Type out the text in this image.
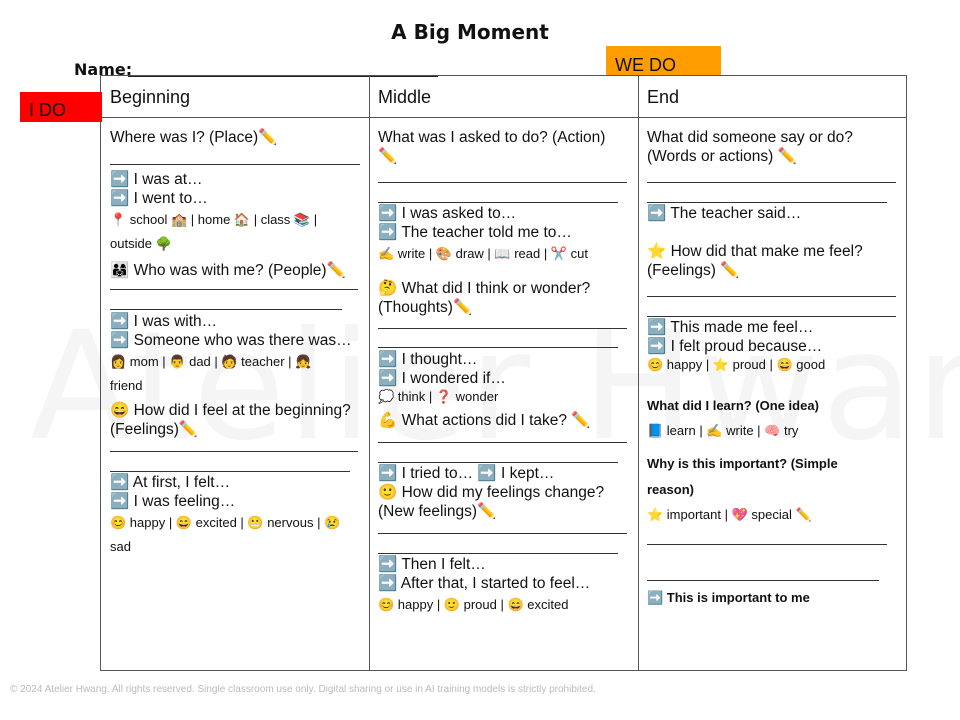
A Big Moment
Name:	WE DO
Beginning

Where was I? (Place)✏️

➡️ I was at…

➡️ I went to…

📍 school 🏫 | home 🏠 | class 📚 |
outside 🌳

👨‍👩‍👧 Who was with me? (People)✏️

➡️ I was with…

➡️ Someone who was there was…

👩 mom | 👨 dad | 🧑 teacher | 👧
friend

😄 How did I feel at the beginning? (Feelings)✏️

➡️ At first, I felt…

➡️ I was feeling…

😊 happy | 😄 excited | 😬 nervous | 😢
sad
Middle

What was I asked to do? (Action) ✏️

➡️ I was asked to…

➡️ The teacher told me to…

✍️ write | 🎨 draw | 📖 read | ✂️ cut

🤔 What did I think or wonder? (Thoughts)✏️

➡️ I thought…

➡️ I wondered if…

💭 think | ❓ wonder

💪 What actions did I take? ✏️

➡️ I tried to… ➡️ I kept…

🙂 How did my feelings change? (New feelings)✏️

➡️ Then I felt…

➡️ After that, I started to feel…

😊 happy | 🙂 proud | 😄 excited
End

What did someone say or do? (Words or actions) ✏️

➡️ The teacher said…

⭐ How did that make me feel? (Feelings) ✏️

➡️ This made me feel…

➡️ I felt proud because…

😊 happy | ⭐ proud | 😄 good
What did I learn? (One idea)
📘 learn | ✍️ write | 🧠 try
Why is this important? (Simple
reason)
⭐ important | 💖 special ✏️
➡️ This is important to me
I DO
© 2024 Atelier Hwang. All rights reserved. Single classroom use only. Digital sharing or use in AI training models is strictly prohibited.
